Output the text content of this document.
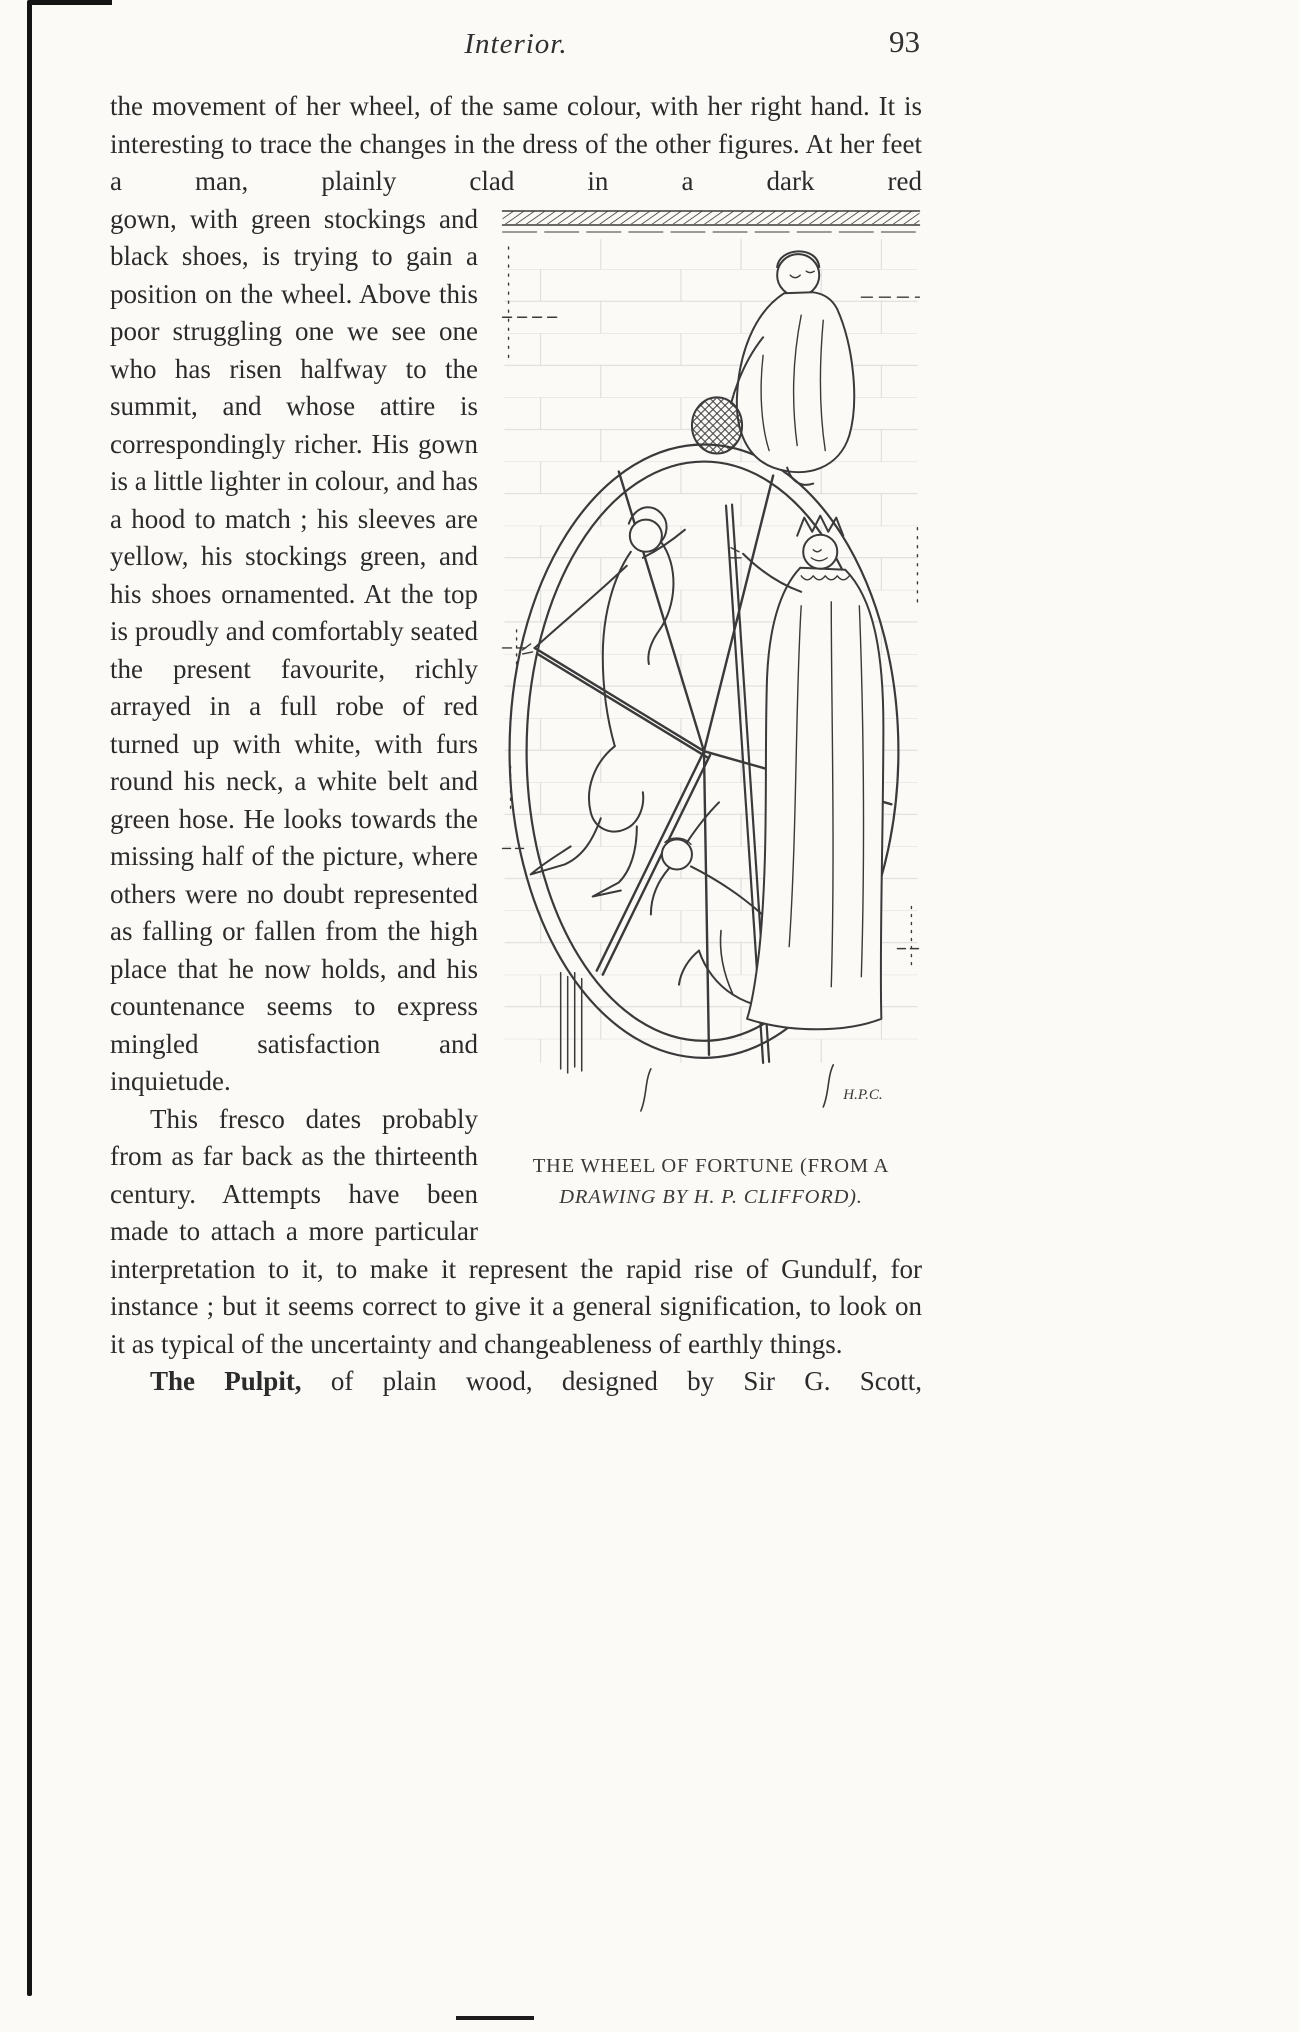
Interior.	93

the movement of her wheel, of the same colour, with her right hand. It is interesting to trace the changes in the dress of the other figures. At her feet a man, plainly clad in a dark red

H.P.C.
THE WHEEL OF FORTUNE (FROM A
DRAWING BY H. P. CLIFFORD).

gown, with green stockings and black shoes, is trying to gain a position on the wheel. Above this poor struggling one we see one who has risen halfway to the summit, and whose attire is correspondingly richer. His gown is a little lighter in colour, and has a hood to match ; his sleeves are yellow, his stockings green, and his shoes ornamented. At the top is proudly and comfortably seated the present favourite, richly arrayed in a full robe of red turned up with white, with furs round his neck, a white belt and green hose. He looks towards the missing half of the picture, where others were no doubt represented as falling or fallen from the high place that he now holds, and his countenance seems to express mingled satisfaction and inquietude.

This fresco dates probably from as far back as the thirteenth century. Attempts have been made to attach a more particular interpretation to it, to make it represent the rapid rise of Gundulf, for instance ; but it seems correct to give it a general signification, to look on it as typical of the uncertainty and changeableness of earthly things.

The Pulpit, of plain wood, designed by Sir G. Scott,
